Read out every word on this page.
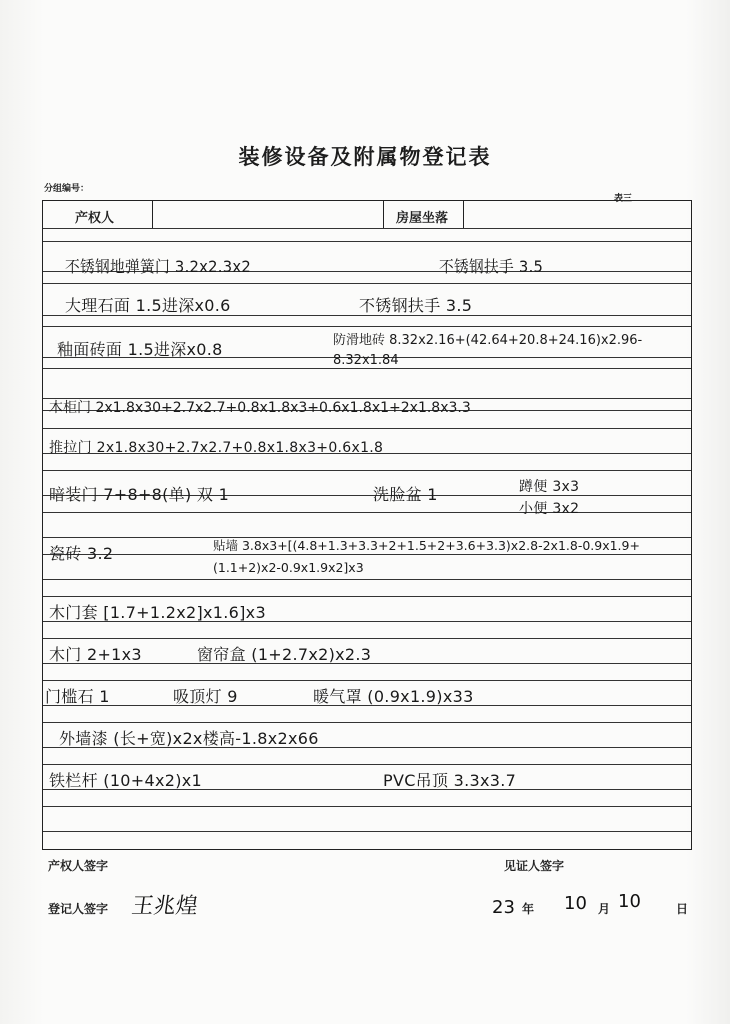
装修设备及附属物登记表
分组编号：
表三
产权人	房屋坐落
不锈钢地弹簧门 3.2x2.3x2	不锈钢扶手 3.5
大理石面 1.5进深x0.6	不锈钢扶手 3.5
釉面砖面 1.5进深x0.8	防滑地砖 8.32x2.16+(42.64+20.8+24.16)x2.96-8.32x1.84
木柜门 2x1.8x30+2.7x2.7+0.8x1.8x3+0.6x1.8x1+2x1.8x3.3
推拉门 2x1.8x30+2.7x2.7+0.8x1.8x3+0.6x1.8
暗装门 7+8+8(单) 双 1	洗脸盆 1	蹲便 3x3
小便 3x2
瓷砖 3.2	贴墙 3.8x3+[(4.8+1.3+3.3+2+1.5+2+3.6+3.3)x2.8-2x1.8-0.9x1.9+(1.1+2)x2-0.9x1.9x2]x3
木门套 [1.7+1.2x2]x1.6]x3
木门 2+1x3	窗帘盒 (1+2.7x2)x2.3
门槛石 1	吸顶灯 9	暖气罩 (0.9x1.9)x33
外墙漆 (长+宽)x2x楼高-1.8x2x66
铁栏杆 (10+4x2)x1	PVC吊顶 3.3x3.7
产权人签字	见证人签字
登记人签字 王兆煌	23 年 10 月 10	日
